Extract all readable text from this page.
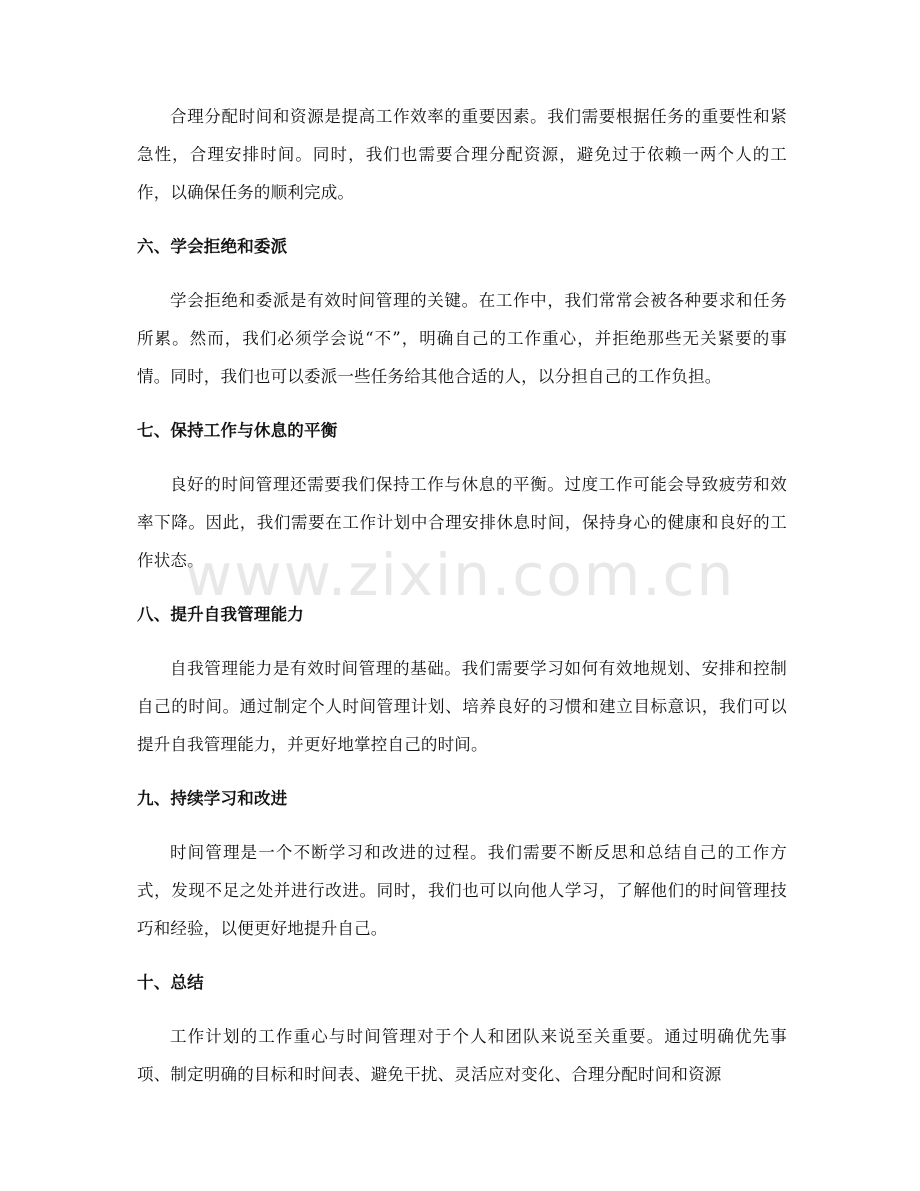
合理分配时间和资源是提高工作效率的重要因素。我们需要根据任务的重要性和紧急性，合理安排时间。同时，我们也需要合理分配资源，避免过于依赖一两个人的工作，以确保任务的顺利完成。

六、学会拒绝和委派

学会拒绝和委派是有效时间管理的关键。在工作中，我们常常会被各种要求和任务所累。然而，我们必须学会说“不”，明确自己的工作重心，并拒绝那些无关紧要的事情。同时，我们也可以委派一些任务给其他合适的人，以分担自己的工作负担。

七、保持工作与休息的平衡

良好的时间管理还需要我们保持工作与休息的平衡。过度工作可能会导致疲劳和效率下降。因此，我们需要在工作计划中合理安排休息时间，保持身心的健康和良好的工作状态。

八、提升自我管理能力

自我管理能力是有效时间管理的基础。我们需要学习如何有效地规划、安排和控制自己的时间。通过制定个人时间管理计划、培养良好的习惯和建立目标意识，我们可以提升自我管理能力，并更好地掌控自己的时间。

九、持续学习和改进

时间管理是一个不断学习和改进的过程。我们需要不断反思和总结自己的工作方式，发现不足之处并进行改进。同时，我们也可以向他人学习，了解他们的时间管理技巧和经验，以便更好地提升自己。

十、总结

工作计划的工作重心与时间管理对于个人和团队来说至关重要。通过明确优先事项、制定明确的目标和时间表、避免干扰、灵活应对变化、合理分配时间和资源

www.zixin.com.cn
